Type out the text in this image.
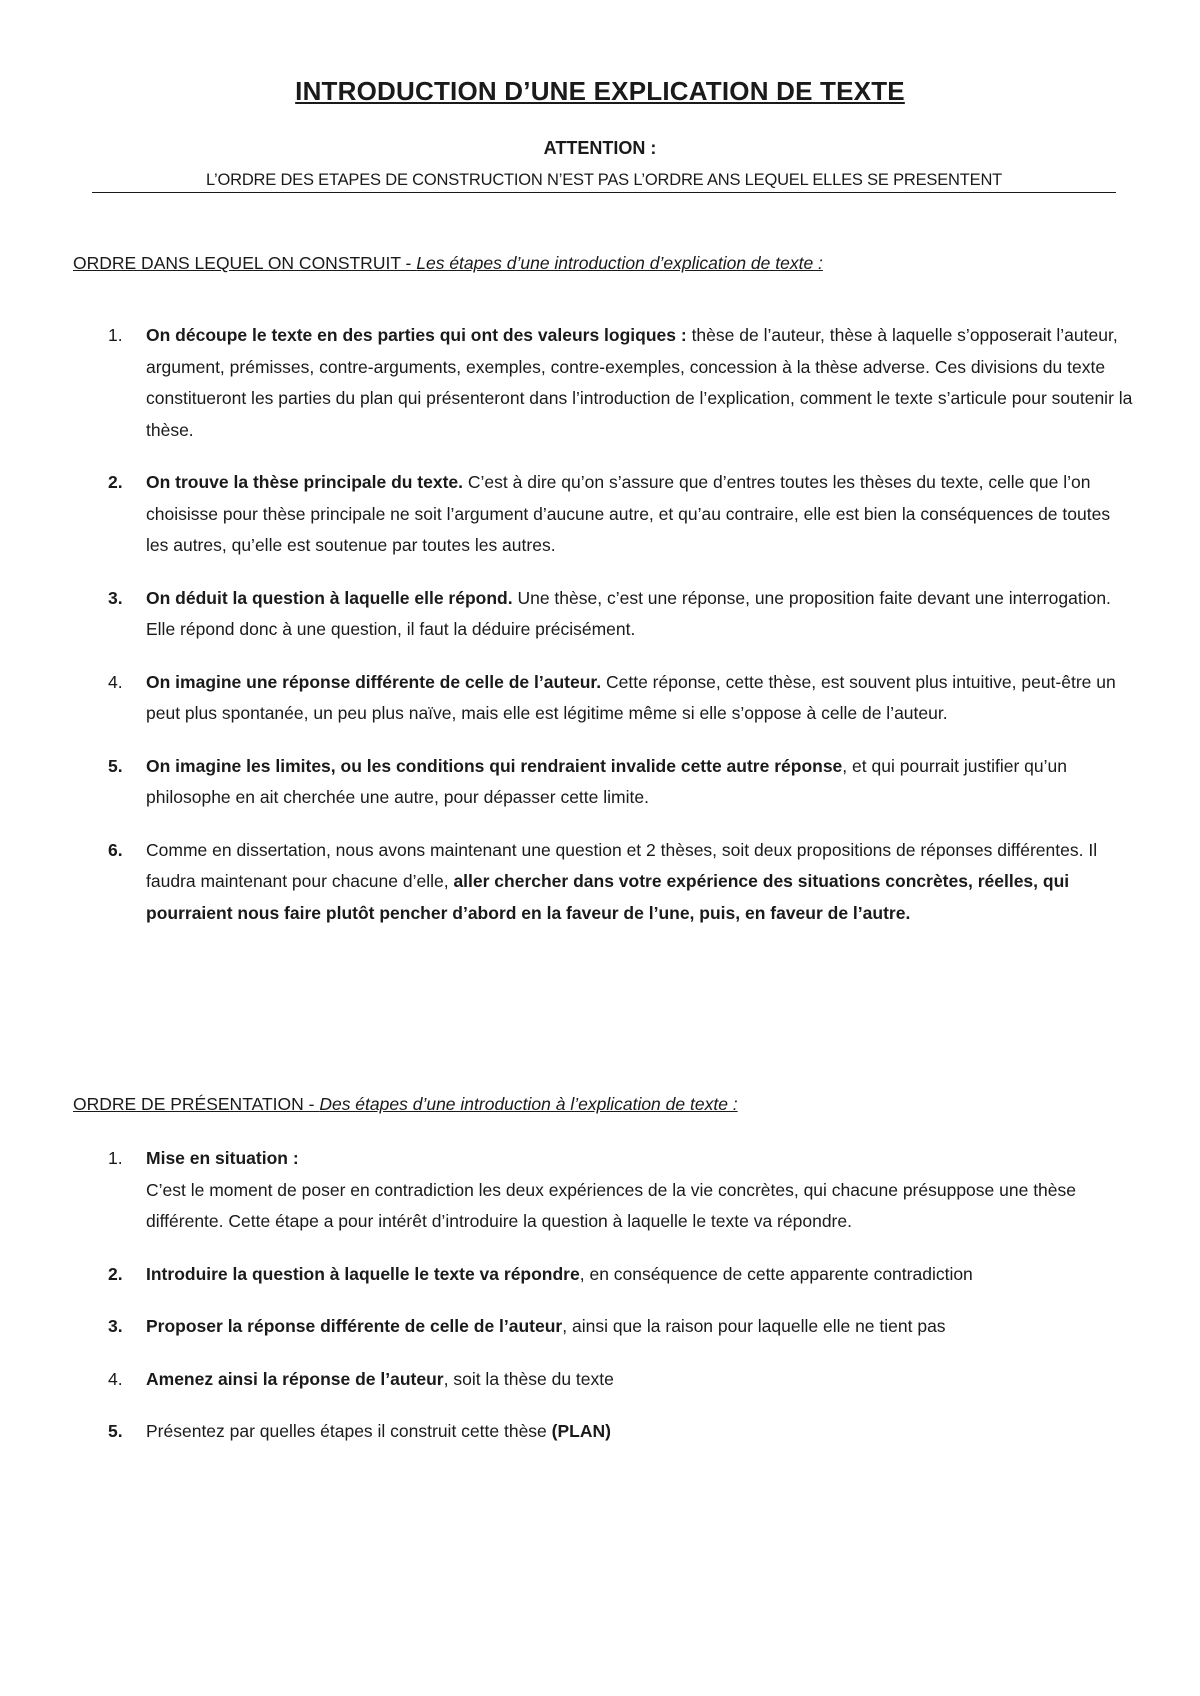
INTRODUCTION D’UNE EXPLICATION DE TEXTE
ATTENTION :
L’ORDRE DES ETAPES DE CONSTRUCTION N’EST PAS L’ORDRE ANS LEQUEL ELLES SE PRESENTENT
ORDRE DANS LEQUEL ON CONSTRUIT - Les étapes d’une introduction d’explication de texte :
1. On découpe le texte en des parties qui ont des valeurs logiques : thèse de l’auteur, thèse à laquelle s’opposerait l’auteur, argument, prémisses, contre-arguments, exemples, contre-exemples, concession à la thèse adverse. Ces divisions du texte constitueront les parties du plan qui présenteront dans l’introduction de l’explication, comment le texte s’articule pour soutenir la thèse.
2. On trouve la thèse principale du texte. C’est à dire qu’on s’assure que d’entres toutes les thèses du texte, celle que l’on choisisse pour thèse principale ne soit l’argument d’aucune autre, et qu’au contraire, elle est bien la conséquences de toutes les autres, qu’elle est soutenue par toutes les autres.
3. On déduit la question à laquelle elle répond. Une thèse, c’est une réponse, une proposition faite devant une interrogation. Elle répond donc à une question, il faut la déduire précisément.
4. On imagine une réponse différente de celle de l’auteur. Cette réponse, cette thèse, est souvent plus intuitive, peut-être un peut plus spontanée, un peu plus naïve, mais elle est légitime même si elle s’oppose à celle de l’auteur.
5. On imagine les limites, ou les conditions qui rendraient invalide cette autre réponse, et qui pourrait justifier qu’un philosophe en ait cherchée une autre, pour dépasser cette limite.
6. Comme en dissertation, nous avons maintenant une question et 2 thèses, soit deux propositions de réponses différentes. Il faudra maintenant pour chacune d’elle, aller chercher dans votre expérience des situations concrètes, réelles, qui pourraient nous faire plutôt pencher d’abord en la faveur de l’une, puis, en faveur de l’autre.
ORDRE DE PRÉSENTATION - Des étapes d’une introduction à l’explication de texte :
1. Mise en situation :
C’est le moment de poser en contradiction les deux expériences de la vie concrètes, qui chacune présuppose une thèse différente. Cette étape a pour intérêt d’introduire la question à laquelle le texte va répondre.
2. Introduire la question à laquelle le texte va répondre, en conséquence de cette apparente contradiction
3. Proposer la réponse différente de celle de l’auteur, ainsi que la raison pour laquelle elle ne tient pas
4. Amenez ainsi la réponse de l’auteur, soit la thèse du texte
5. Présentez par quelles étapes il construit cette thèse (PLAN)
